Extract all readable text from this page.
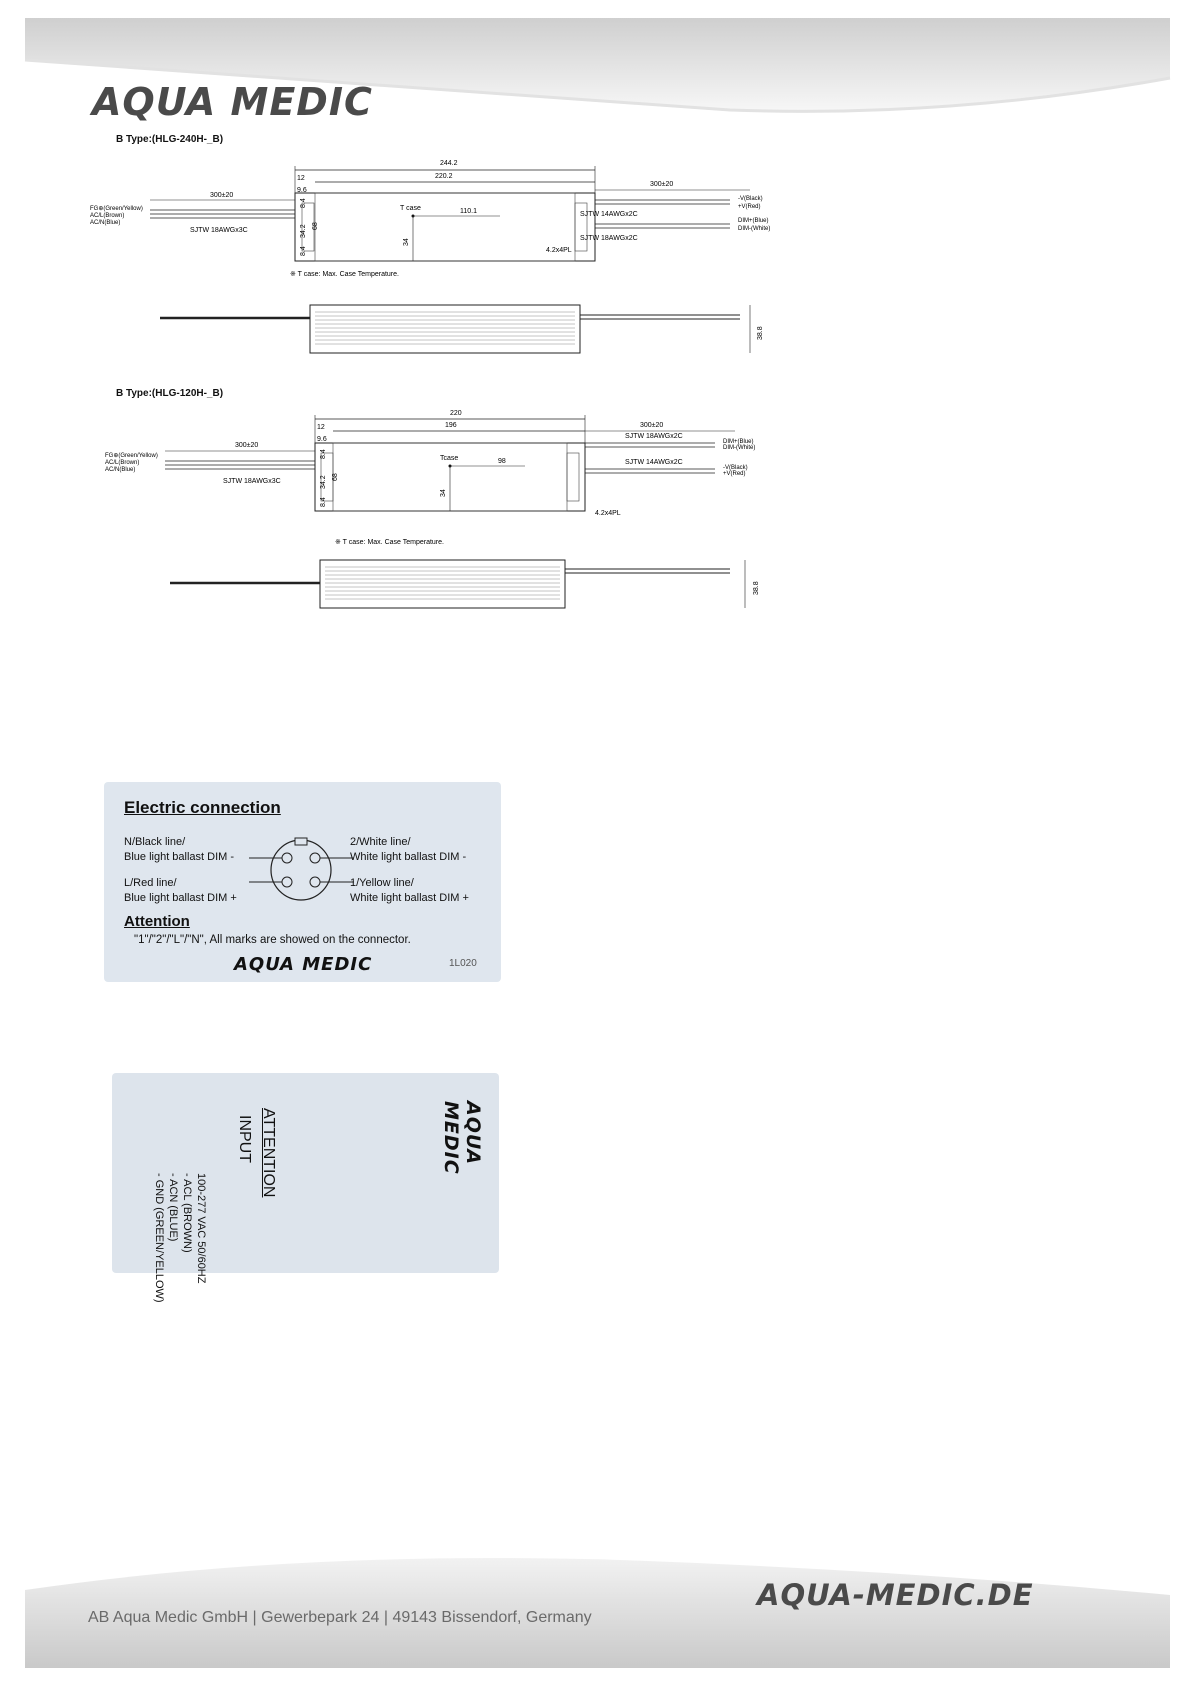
AQUA MEDIC
B Type:(HLG-240H-_B)
244.2
220.2
12
9.6
8.4
34.2 68
8.4
T case	110.1
34
300±20
FG⊕(Green/Yellow)
AC/L(Brown)
AC/N(Blue)
SJTW 18AWGx3C
300±20
SJTW 14AWGx2C
SJTW 18AWGx2C
-V(Black)
+V(Red)
DIM+(Blue)
DIM-(White)
4.2x4PL
※ T case: Max. Case Temperature.
38.8
B Type:(HLG-120H-_B)
220
196
12
9.6
8.4
34.2 68
8.4
Tcase	98
34
300±20
FG⊕(Green/Yellow)
AC/L(Brown)
AC/N(Blue)
SJTW 18AWGx3C
300±20
SJTW 18AWGx2C
SJTW 14AWGx2C
DIM+(Blue)
DIM-(White)
-V(Black)
+V(Red)
4.2x4PL
※ T case: Max. Case Temperature.
38.8
Electric connection
N/Black line/
Blue light ballast DIM -
L/Red line/
Blue light ballast DIM +
2/White line/
White light ballast DIM -
1/Yellow line/
White light ballast DIM +
Attention
"1"/"2"/"L"/"N", All marks are showed on the connector.
AQUA MEDIC	1L020
100-277 VAC 50/60HZ
- ACL (BROWN)
- ACN (BLUE)
- GND (GREEN/YELLOW)
INPUT ATTENTION	AQUA MEDIC
AQUA-MEDIC.DE
AB Aqua Medic GmbH | Gewerbepark 24 | 49143 Bissendorf, Germany
